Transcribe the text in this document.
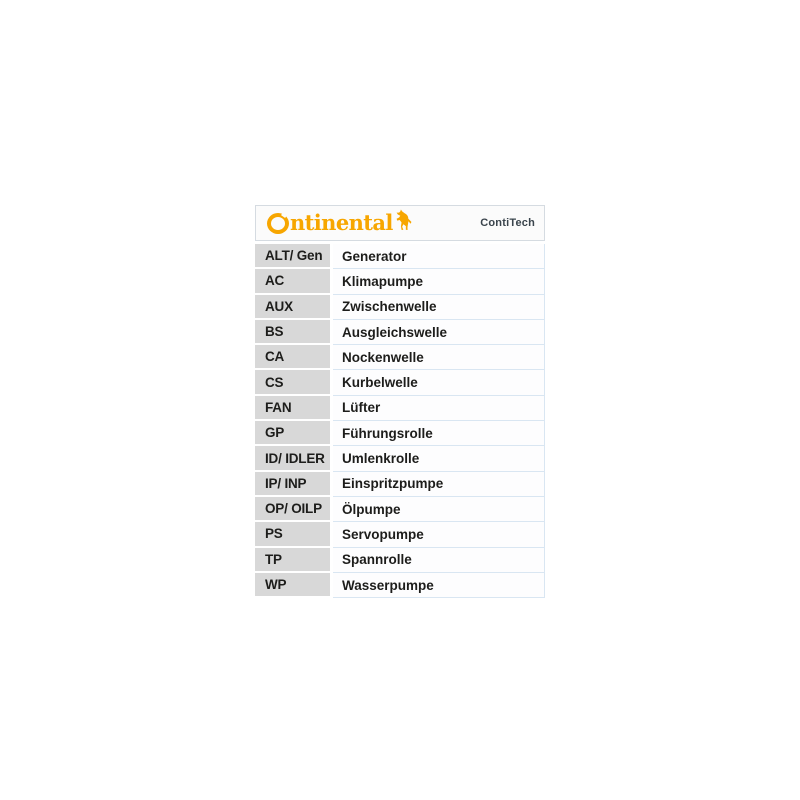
ntinental	ContiTech
ALT/ Gen	Generator
AC	Klimapumpe
AUX	Zwischenwelle
BS	Ausgleichswelle
CA	Nockenwelle
CS	Kurbelwelle
FAN	Lüfter
GP	Führungsrolle
ID/ IDLER	Umlenkrolle
IP/ INP	Einspritzpumpe
OP/ OILP	Ölpumpe
PS	Servopumpe
TP	Spannrolle
WP	Wasserpumpe
